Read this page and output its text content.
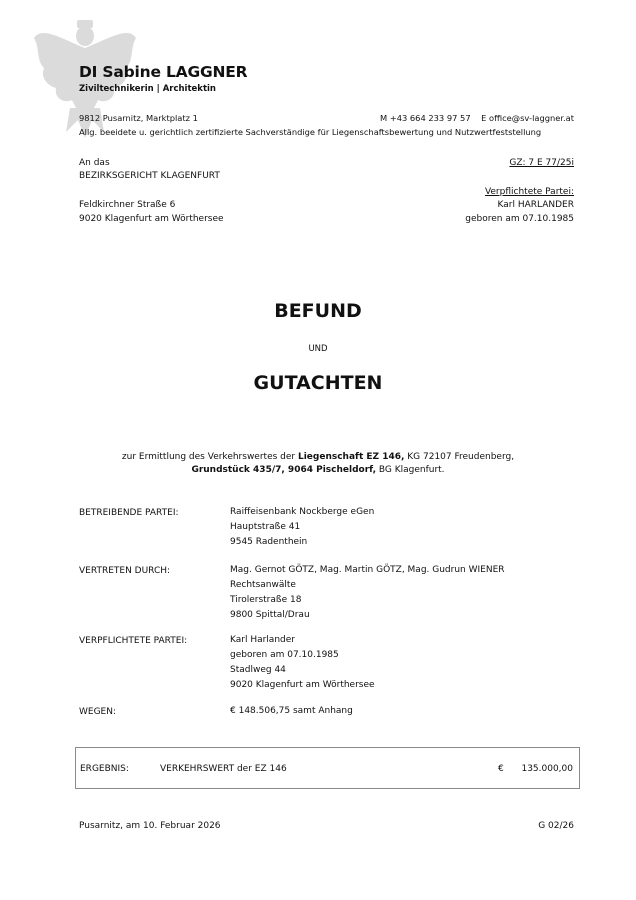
DI Sabine LAGGNER
Ziviltechnikerin | Architektin
9812 Pusarnitz, Marktplatz 1	M +43 664 233 97 57    E office@sv-laggner.at
Allg. beeidete u. gerichtlich zertifizierte Sachverständige für Liegenschaftsbewertung und Nutzwertfeststellung
An das
BEZIRKSGERICHT KLAGENFURT
Feldkirchner Straße 6
9020 Klagenfurt am Wörthersee
GZ: 7 E 77/25i
Verpflichtete Partei:
Karl HARLANDER
geboren am 07.10.1985
BEFUND
UND
GUTACHTEN
zur Ermittlung des Verkehrswertes der Liegenschaft EZ 146, KG 72107 Freudenberg,
Grundstück 435/7, 9064 Pischeldorf, BG Klagenfurt.
BETREIBENDE PARTEI:	Raiffeisenbank Nockberge eGen
Hauptstraße 41
9545 Radenthein
VERTRETEN DURCH:	Mag. Gernot GÖTZ, Mag. Martin GÖTZ, Mag. Gudrun WIENER
Rechtsanwälte
Tirolerstraße 18
9800 Spittal/Drau
VERPFLICHTETE PARTEI:	Karl Harlander
geboren am 07.10.1985
Stadlweg 44
9020 Klagenfurt am Wörthersee
WEGEN:	€ 148.506,75 samt Anhang
ERGEBNIS:	VERKEHRSWERT der EZ 146	€ 135.000,00
Pusarnitz, am 10. Februar 2026	G 02/26
